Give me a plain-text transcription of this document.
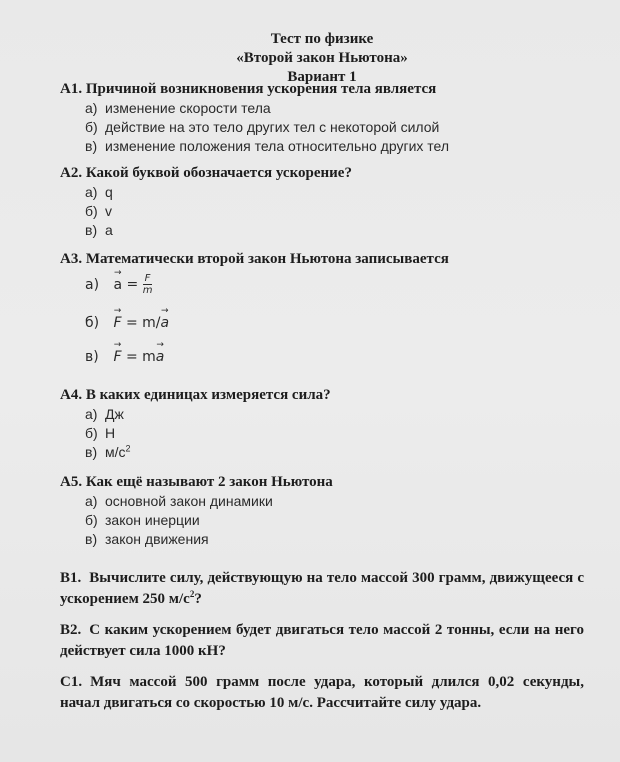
Тест по физике
«Второй закон Ньютона»
Вариант 1
А1. Причиной возникновения ускорения тела является
а) изменение скорости тела
б) действие на это тело других тел с некоторой силой
в) изменение положения тела относительно других тел
А2. Какой буквой обозначается ускорение?
а) q
б) v
в) a
А3. Математически второй закон Ньютона записывается
а)
→
$a = \frac{F}{m}$
б)
→
F = m/
→
a
в)
→
F = m
→
a
А4. В каких единицах измеряется сила?
а) Дж
б) Н
в) $м/с^2$
А5. Как ещё называют 2 закон Ньютона
а) основной закон динамики
б) закон инерции
в) закон движения
В1. Вычислите силу, действующую на тело массой 300 грамм, движущееся с ускорением 250 $м/с^2$?
В2. С каким ускорением будет двигаться тело массой 2 тонны, если на него действует сила 1000 кН?
С1. Мяч массой 500 грамм после удара, который длился 0,02 секунды, начал двигаться со скоростью 10 м/с. Рассчитайте силу удара.
